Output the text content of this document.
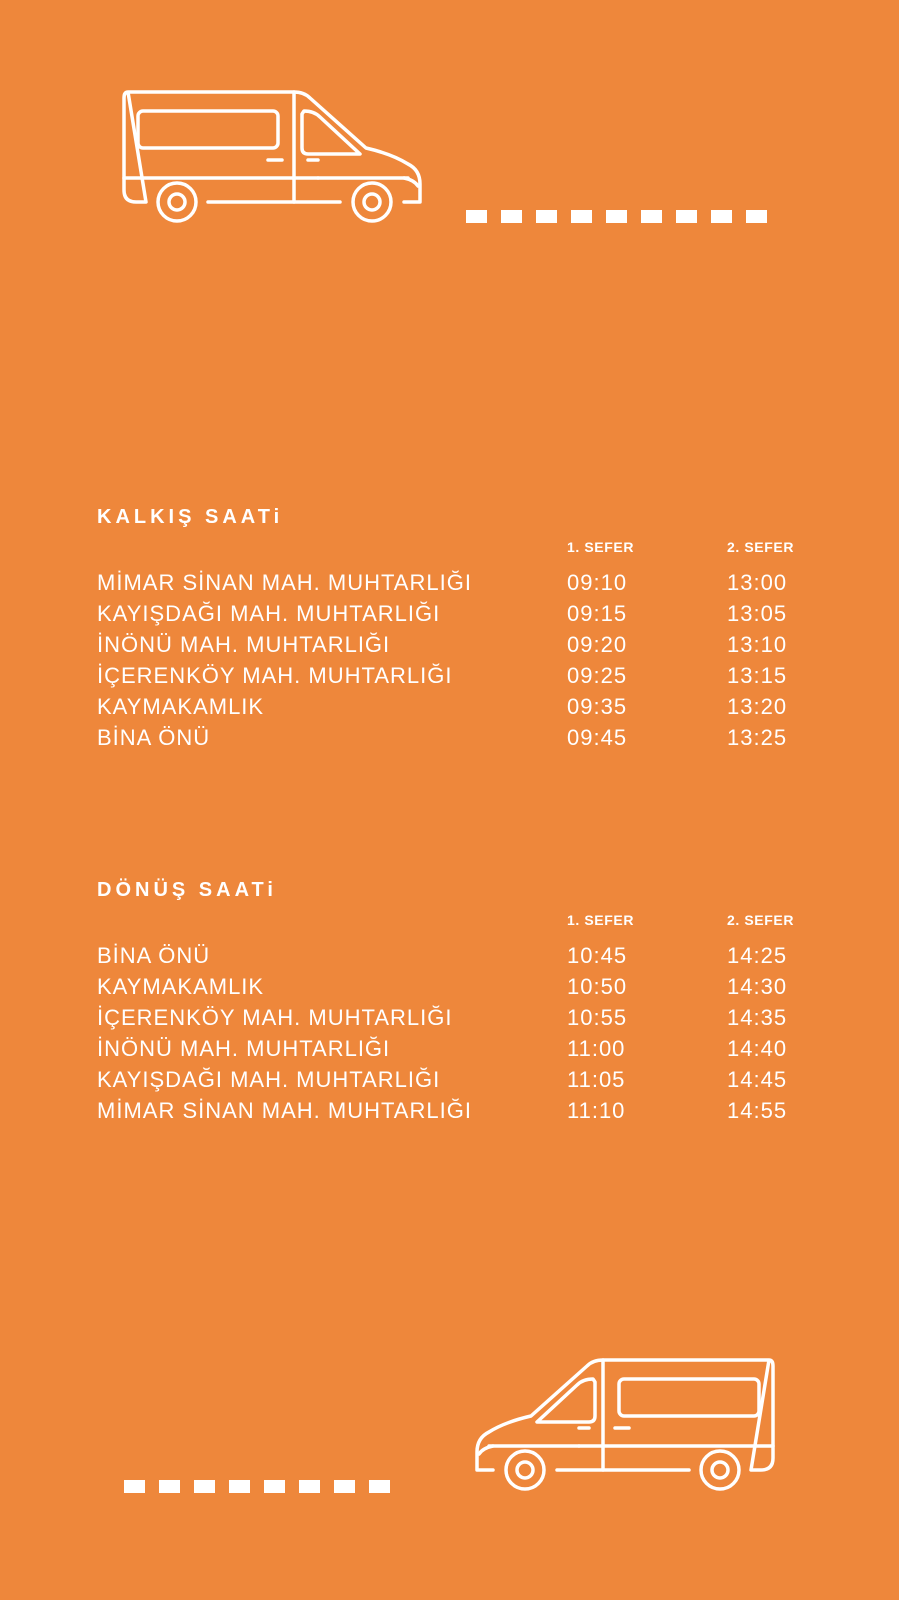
KALKIŞ SAATi
1. SEFER	2. SEFER
MİMAR SİNAN MAH. MUHTARLIĞI	09:10	13:00
KAYIŞDAĞI MAH. MUHTARLIĞI	09:15	13:05
İNÖNÜ MAH. MUHTARLIĞI	09:20	13:10
İÇERENKÖY MAH. MUHTARLIĞI	09:25	13:15
KAYMAKAMLIK	09:35	13:20
BİNA ÖNÜ	09:45	13:25
DÖNÜŞ SAATi
1. SEFER	2. SEFER
BİNA ÖNÜ	10:45	14:25
KAYMAKAMLIK	10:50	14:30
İÇERENKÖY MAH. MUHTARLIĞI	10:55	14:35
İNÖNÜ MAH. MUHTARLIĞI	11:00	14:40
KAYIŞDAĞI MAH. MUHTARLIĞI	11:05	14:45
MİMAR SİNAN MAH. MUHTARLIĞI	11:10	14:55
